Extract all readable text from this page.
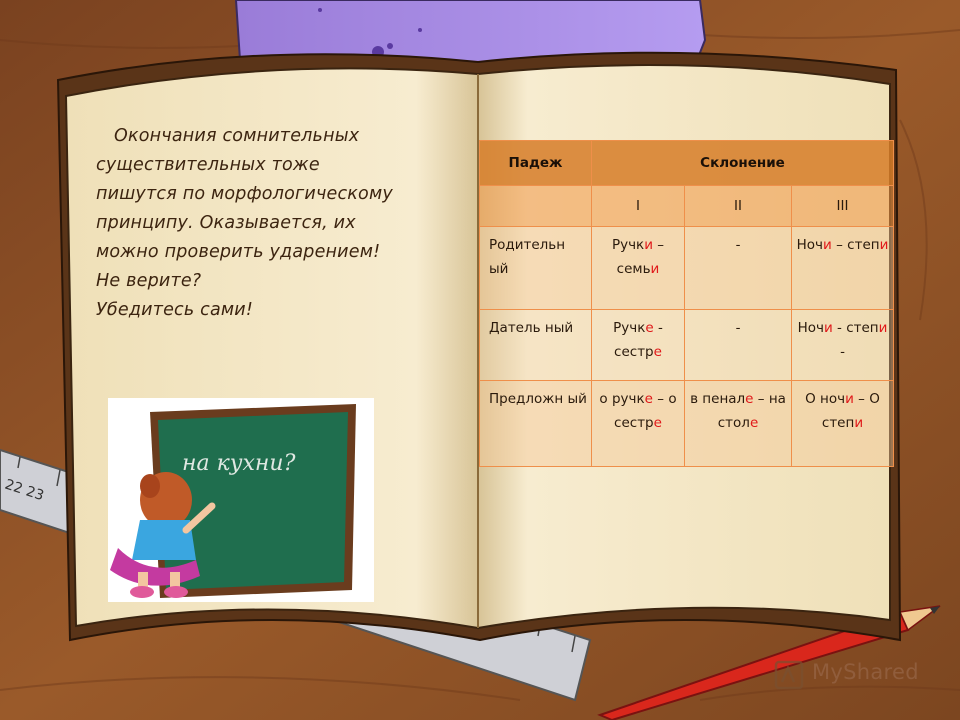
22 23
на кухни?

Окончания сомнительных

существительных тоже

пишутся по морфологическому

принципу. Оказывается, их

можно проверить ударением!

Не верите?

Убедитесь сами!

Падеж	Склонение		
	I	II	III
Родительн ый	Ручки – семьи	-	Ночи – степи
Датель ный	Ручке - сестре	-	Ночи - степи -
Предложн ый	о ручке – о сестре	в пенале – на столе	О ночи – О степи
MyShared
